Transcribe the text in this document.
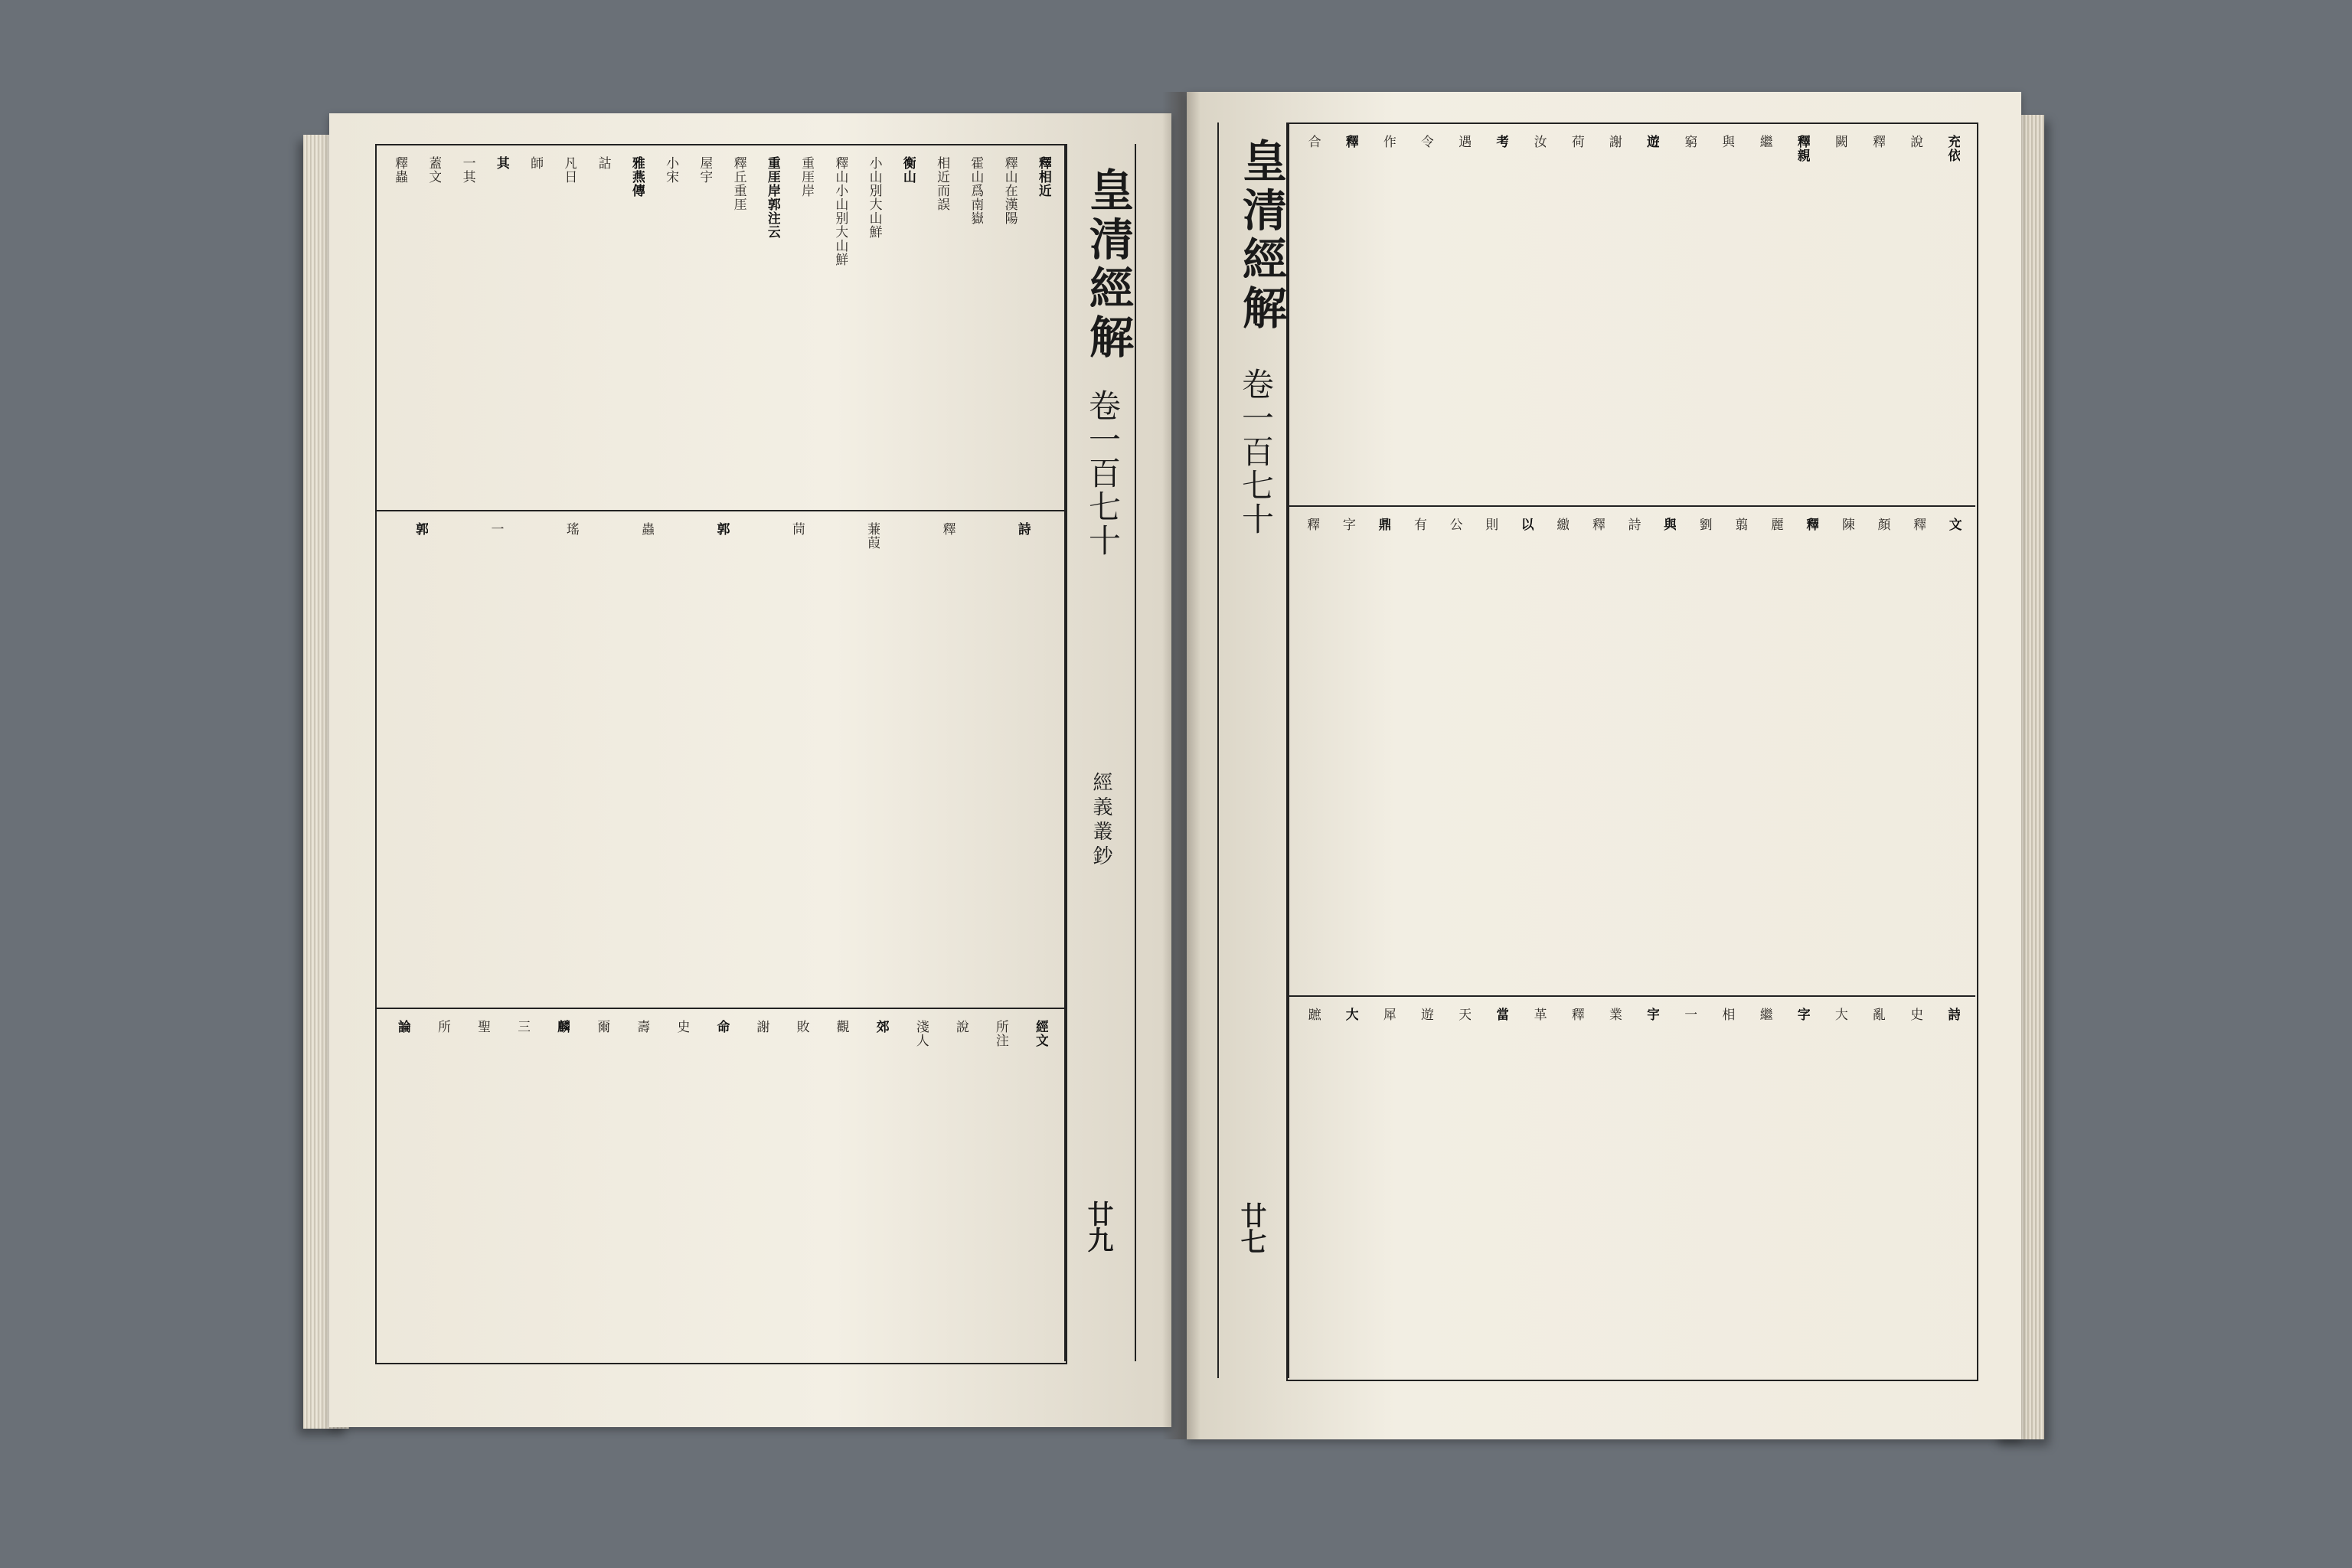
皇清經解
卷一百七十
經義叢鈔
廿九
釋相近
釋山在漢陽
霍山爲南嶽
相近而誤
衡山
小山別大山鮮
釋山小山别大山鮮
重厓岸
重厓岸郭注云
釋丘重厓
屋宇
小宋
雅燕傳
詁
凡日
師
其
一其
蓋文
釋蟲
詩
釋
蒹葭
茼
郭
蟲
瑤
一
郭
經文
所注
說
淺人
郊
觀
敗
謝
命
史
壽
爾
麟
三
聖
所
論
皇清經解
卷一百七十
廿七
充依
說
釋
闕
釋親
繼
與
窮
遊
謝
荷
汝
考
遇
令
作
釋
合
文
釋
顏
陳
釋
麗
翦
劉
與
詩
釋
繳
以
則
公
有
鼎
字
釋
詩
史
亂
大
字
繼
相
一
宇
業
釋
革
當
天
遊
犀
大
蹠
